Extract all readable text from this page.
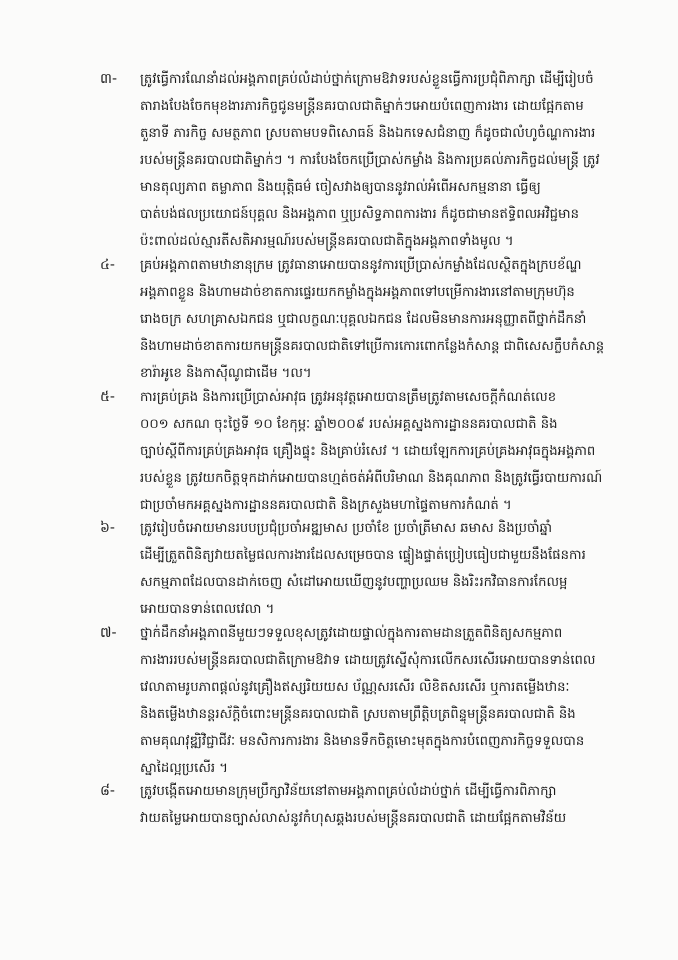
៣-	ត្រូវធ្វើការណែនាំដល់អង្គភាពគ្រប់លំដាប់ថ្នាក់ក្រោមឱវាទរបស់ខ្លួនធ្វើការប្រជុំពិភាក្សា ដើម្បីរៀបចំ
តារាងបែងចែកមុខងារភារកិច្ចជូនមន្ត្រីនគរបាលជាតិម្នាក់ៗអោយបំពេញការងារ ដោយផ្អែកតាម
តួនាទី ភារកិច្ច សមត្ថភាព ស្របតាមបទពិសោធន៍ និងឯកទេសជំនាញ ក៏ដូចជាលំហូចំណ្ហការងារ
របស់មន្ត្រីនគរបាលជាតិម្នាក់ៗ ។ ការបែងចែកប្រើប្រាស់កម្លាំង និងការប្រគល់ភារកិច្ចដល់មន្ត្រី ត្រូវ
មានតុល្យភាព តម្លាភាព និងយុត្តិធម៌ ចៀសវាងឲ្យបាននូវរាល់អំពើអសកម្មនានា ធ្វើឲ្យ
បាត់បង់ផលប្រយោជន៍បុគ្គល និងអង្គភាព ឬប្រសិទ្ធភាពការងារ ក៏ដូចជាមានឥទ្ធិពលអវិជ្ជមាន
ប៉ះពាល់ដល់ស្មារតីសតិអារម្មណ៍របស់មន្ត្រីនគរបាលជាតិក្នុងអង្គភាពទាំងមូល ។
៤-	គ្រប់អង្គភាពតាមឋានានុក្រម ត្រូវធានាអោយបាននូវការប្រើប្រាស់កម្លាំងដែលស្ថិតក្នុងក្របខ័ណ្ឌ
អង្គភាពខ្លួន និងហាមដាច់ខាតការផ្ទេរយកកម្លាំងក្នុងអង្គភាពទៅបម្រើការងារនៅតាមក្រុមហ៊ុន
រោងចក្រ សហគ្រាសឯកជន ឬជាលក្ខណៈបុគ្គលឯកជន ដែលមិនមានការអនុញ្ញាតពីថ្នាក់ដឹកនាំ
និងហាមដាច់ខាតការយកមន្ត្រីនគរបាលជាតិទៅប្រើការកោរពោកន្លែងកំសាន្ត ជាពិសេសក្លឹបកំសាន្ត
ខារ៉ាអូខេ និងកាស៊ីណូជាដើម ។ល។
៥-	ការគ្រប់គ្រង និងការប្រើប្រាស់អាវុធ ត្រូវអនុវត្តអោយបានត្រឹមត្រូវតាមសេចក្តីកំណត់លេខ
០០១ សកណ ចុះថ្ងៃទី ១០ ខែកុម្ភៈ ឆ្នាំ២០០៩ របស់អគ្គស្នងការដ្ឋាននគរបាលជាតិ និង
ច្បាប់ស្តីពីការគ្រប់គ្រងអាវុធ គ្រឿងផ្ទុះ និងគ្រាប់រំសេវ ។ ដោយឡែកការគ្រប់គ្រងអាវុធក្នុងអង្គភាព
របស់ខ្លួន ត្រូវយកចិត្តទុកដាក់អោយបានហ្មត់ចត់អំពីបរិមាណ និងគុណភាព និងត្រូវធ្វើរបាយការណ៍
ជាប្រចាំមកអគ្គស្នងការដ្ឋាននគរបាលជាតិ និងក្រសួងមហាផ្ទៃតាមការកំណត់ ។
៦-	ត្រូវរៀបចំអោយមានរបបប្រជុំប្រចាំអឌ្ឍមាស ប្រចាំខែ ប្រចាំត្រីមាស ឆមាស និងប្រចាំឆ្នាំ
ដើម្បីត្រួតពិនិត្យវាយតម្លៃផលការងារដែលសម្រេចបាន ផ្ទៀងផ្ទាត់ប្រៀបធៀបជាមួយនឹងផែនការ
សកម្មភាពដែលបានដាក់ចេញ សំដៅអោយឃើញនូវបញ្ហាប្រឈម និងរិះរកវិធានការកែលម្អ
អោយបានទាន់ពេលវេលា ។
៧-	ថ្នាក់ដឹកនាំអង្គភាពនីមួយៗទទួលខុសត្រូវដោយផ្ទាល់ក្នុងការតាមដានត្រួតពិនិត្យសកម្មភាព
ការងាររបស់មន្ត្រីនគរបាលជាតិក្រោមឱវាទ ដោយត្រូវស្នើសុំការលើកសរសើរអោយបានទាន់ពេល
វេលាតាមរូបភាពផ្តល់នូវគ្រឿងឥស្សរិយយស ប័ណ្ណសរសើរ លិខិតសរសើរ ឬការតម្លើងឋានៈ
និងតម្លើងឋានន្តរស័ក្តិចំពោះមន្ត្រីនគរបាលជាតិ ស្របតាមព្រឹត្តិបត្រពិន្ទុមន្ត្រីនគរបាលជាតិ និង
តាមគុណវុឌ្ឍិវិជ្ជាជីវៈ មនសិការការងារ និងមានទឹកចិត្តមោះមុតក្នុងការបំពេញភារកិច្ចទទួលបាន
ស្នាដៃល្អប្រសើរ ។
៨-	ត្រូវបង្កើតអោយមានក្រុមប្រឹក្សាវិន័យនៅតាមអង្គភាពគ្រប់លំដាប់ថ្នាក់ ដើម្បីធ្វើការពិភាក្សា
វាយតម្លៃអោយបានច្បាស់លាស់នូវកំហុសឆ្គងរបស់មន្ត្រីនគរបាលជាតិ ដោយផ្អែកតាមវិន័យ
